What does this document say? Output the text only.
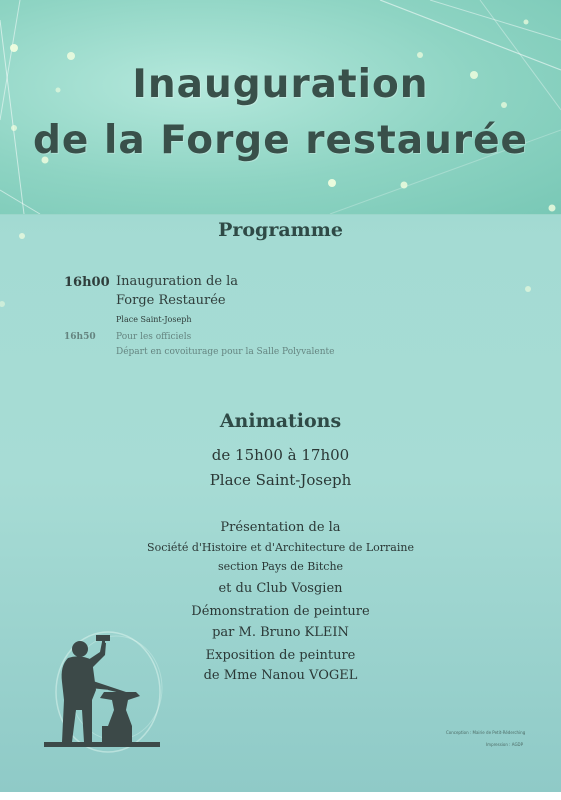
Inauguration
de la Forge restaurée
Programme
16h00 Inauguration de la
Forge Restaurée
Place Saint-Joseph
16h50 Pour les officiels
Départ en covoiturage pour la Salle Polyvalente
Animations
de 15h00 à 17h00
Place Saint-Joseph
Présentation de la
Société d'Histoire et d'Architecture de Lorraine
section Pays de Bitche
et du Club Vosgien
Démonstration de peinture
par M. Bruno KLEIN
Exposition de peinture
de Mme Nanou VOGEL
Conception : Mairie de Petit-Réderching
Impression : AGDP
